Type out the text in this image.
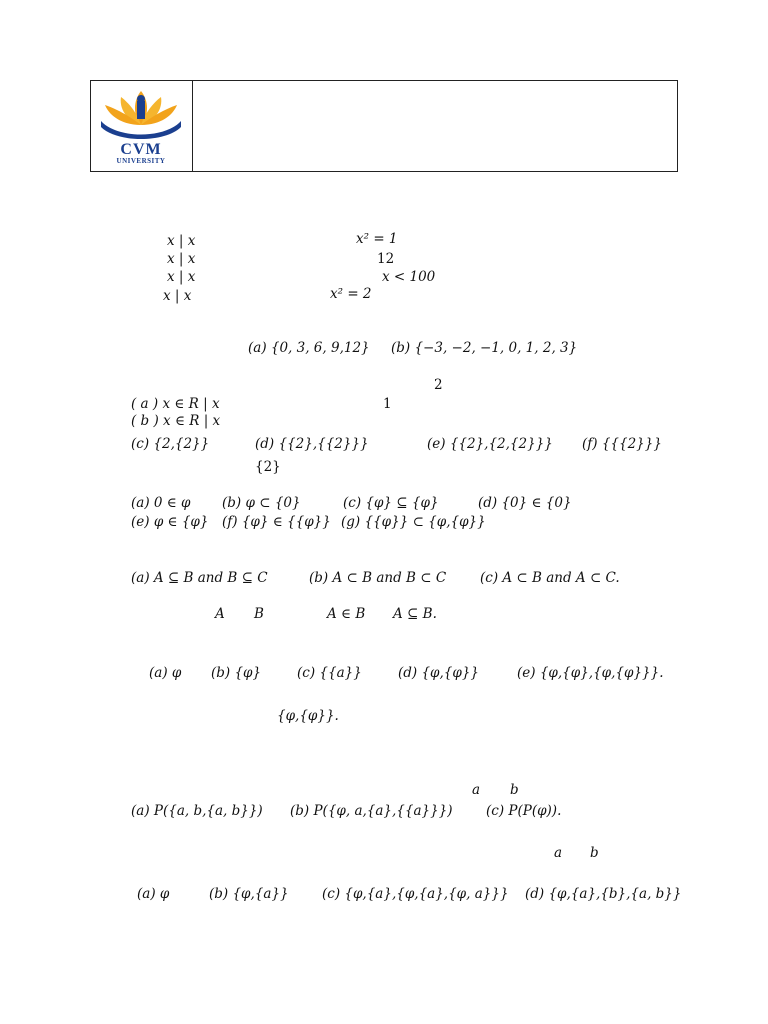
CVM
UNIVERSITY
x | x	x² = 1
x | x	12
x | x	x < 100
x | x	x² = 2
(a) {0, 3, 6, 9,12} (b) {−3, −2, −1, 0, 1, 2, 3}
2
( a ) x ∈ R | x	1
( b ) x ∈ R | x
(c) {2,{2}}	(d) {{2},{{2}}}	(e) {{2},{2,{2}}} (f) {{{2}}}
{2}
(a) 0 ∈ φ (b) φ ⊂ {0}	(c) {φ} ⊆ {φ}	(d) {0} ∈ {0}
(e) φ ∈ {φ} (f) {φ} ∈ {{φ}} (g) {{φ}} ⊂ {φ,{φ}}
(a) A ⊆ B and B ⊆ C	(b) A ⊂ B and B ⊂ C	(c) A ⊂ B and A ⊂ C.
A B	A ∈ B A ⊆ B.
(a) φ (b) {φ}	(c) {{a}}	(d) {φ,{φ}}	(e) {φ,{φ},{φ,{φ}}}.
{φ,{φ}}.
a b
(a) P({a, b,{a, b}}) (b) P({φ, a,{a},{{a}}}) (c) P(P(φ)).
a b
(a) φ	(b) {φ,{a}} (c) {φ,{a},{φ,{a},{φ, a}}} (d) {φ,{a},{b},{a, b}}
